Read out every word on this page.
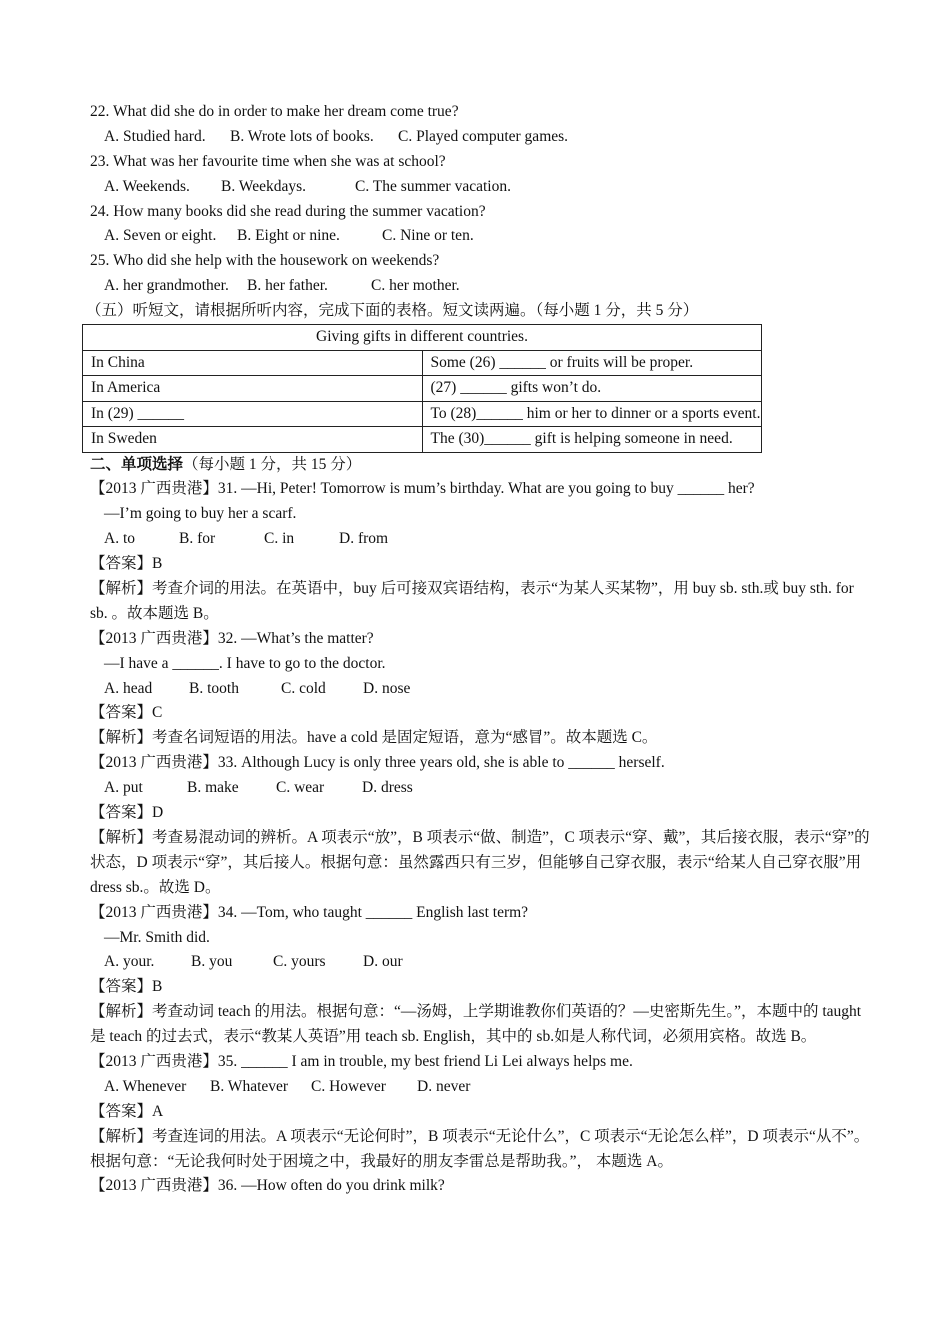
22. What did she do in order to make her dream come true?
A. Studied hard. B. Wrote lots of books. C. Played computer games.
23. What was her favourite time when she was at school?
A. Weekends. B. Weekdays.	C. The summer vacation.
24. How many books did she read during the summer vacation?
A. Seven or eight. B. Eight or nine.	C. Nine or ten.
25. Who did she help with the housework on weekends?
A. her grandmother. B. her father.	C. her mother.
（五）听短文，请根据所听内容，完成下面的表格。短文读两遍。（每小题 1 分，共 5 分）
Giving gifts in different countries.	
In China	Some (26) ______ or fruits will be proper.
In America	(27) ______ gifts won’t do.
In (29) ______	To (28)______ him or her to dinner or a sports event.
In Sweden	The (30)______ gift is helping someone in need.
二、单项选择（每小题 1 分，共 15 分）
【2013 广西贵港】31. —Hi, Peter! Tomorrow is mum’s birthday. What are you going to buy ______ her?
—I’m going to buy her a scarf.
A. to	B. for	C. in	D. from
【答案】B
【解析】考查介词的用法。在英语中，buy 后可接双宾语结构，表示“为某人买某物”，用 buy sb. sth.或 buy sth. for sb. 。故本题选 B。
【2013 广西贵港】32. —What’s the matter?
—I have a ______. I have to go to the doctor.
A. head B. tooth	C. cold D. nose
【答案】C
【解析】考查名词短语的用法。have a cold 是固定短语，意为“感冒”。故本题选 C。
【2013 广西贵港】33. Although Lucy is only three years old, she is able to ______ herself.
A. put	B. make C. wear D. dress
【答案】D
【解析】考查易混动词的辨析。A 项表示“放”，B 项表示“做、制造”，C 项表示“穿、戴”，其后接衣服，表示“穿”的状态，D 项表示“穿”，其后接人。根据句意：虽然露西只有三岁，但能够自己穿衣服，表示“给某人自己穿衣服”用 dress sb.。故选 D。
【2013 广西贵港】34. —Tom, who taught ______ English last term?
—Mr. Smith did.
A. your. B. you	C. yours D. our
【答案】B
【解析】考查动词 teach 的用法。根据句意：“—汤姆，上学期谁教你们英语的？—史密斯先生。”，本题中的 taught 是 teach 的过去式，表示“教某人英语”用 teach sb. English，其中的 sb.如是人称代词，必须用宾格。故选 B。
【2013 广西贵港】35. ______ I am in trouble, my best friend Li Lei always helps me.
A. Whenever B. Whatever C. However D. never
【答案】A
【解析】考查连词的用法。A 项表示“无论何时”，B 项表示“无论什么”，C 项表示“无论怎么样”，D 项表示“从不”。根据句意：“无论我何时处于困境之中，我最好的朋友李雷总是帮助我。”， 本题选 A。
【2013 广西贵港】36. —How often do you drink milk?
